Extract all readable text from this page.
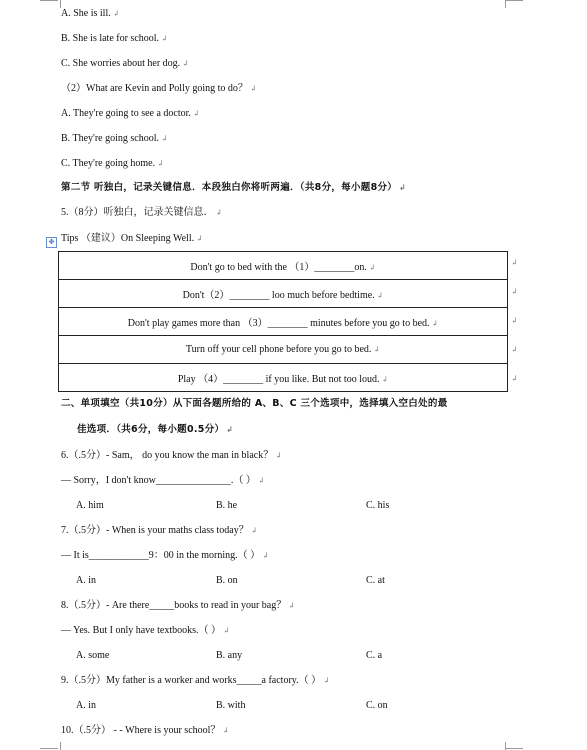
A. She is ill. ↲
B. She is late for school. ↲
C. She worries about her dog. ↲
（2）What are Kevin and Polly going to do？ ↲
A. They're going to see a doctor. ↲
B. They're going school. ↲
C. They're going home. ↲
第二节 听独白，记录关键信息．本段独白你将听两遍．（共8分，每小题8分） ↲
5.（8分）听独白，记录关键信息． ↲
✥ Tips （建议）On Sleeping Well. ↲
Don't go to bed with the （1）________on. ↲
Don't（2）________ loo much before bedtime. ↲
Don't play games more than （3）________ minutes before you go to bed. ↲
Turn off your cell phone before you go to bed. ↲
Play （4）________ if you like. But not too loud. ↲
↲
↲
↲
↲
↲
二、单项填空（共10分）从下面各题所给的 A、B、C 三个选项中，选择填入空白处的最
佳选项．（共6分，每小题0.5分） ↲
6.（.5分）- Sam， do you know the man in black？ ↲
— Sorry，I don't know_______________.（ ） ↲
A. him	B. he	C. his
7.（.5分）- When is your maths class today？ ↲
— It is____________9：00 in the morning.（ ） ↲
A. in	B. on	C. at
8.（.5分）- Are there_____books to read in your bag？ ↲
— Yes. But I only have textbooks.（ ） ↲
A. some	B. any	C. a
9.（.5分）My father is a worker and works_____a factory.（ ） ↲
A. in	B. with	C. on
10.（.5分） - - Where is your school？ ↲
